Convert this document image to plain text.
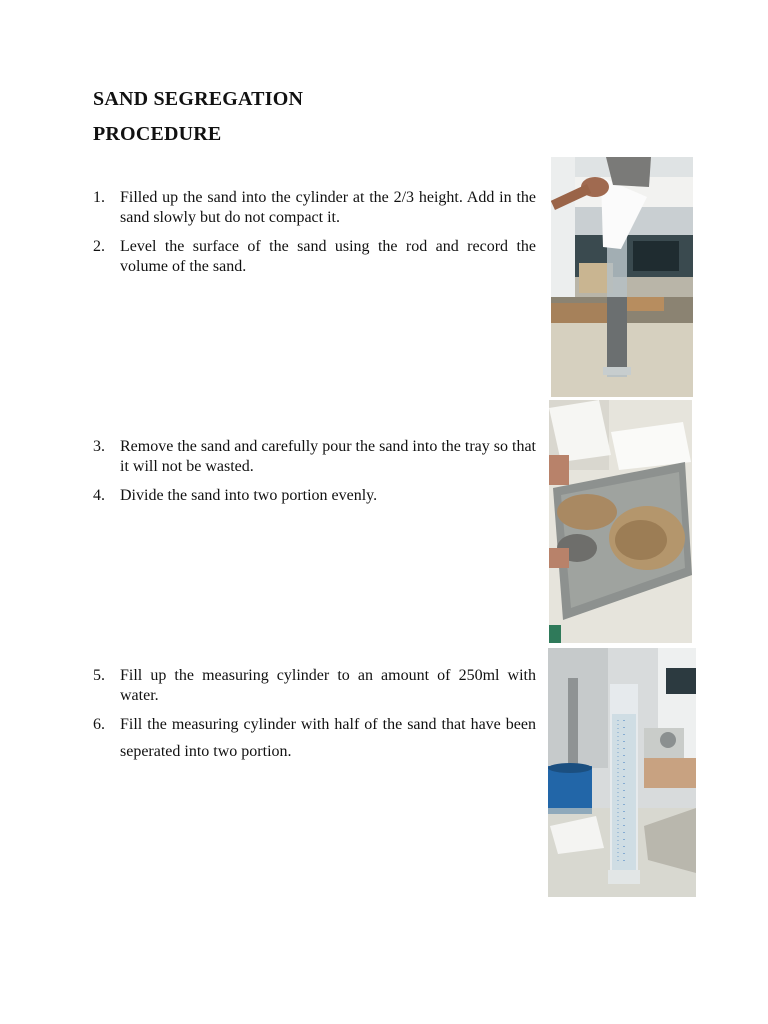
SAND SEGREGATION
PROCEDURE
1. Filled up the sand into the cylinder at the 2/3 height. Add in the sand slowly but do not compact it.
2. Level the surface of the sand using the rod and record the volume of the sand.
3. Remove the sand and carefully pour the sand into the tray so that it will not be wasted.
4. Divide the sand into two portion evenly.
5. Fill up the measuring cylinder to an amount of 250ml with water.
6. Fill the measuring cylinder with half of the sand that have been seperated into two portion.
